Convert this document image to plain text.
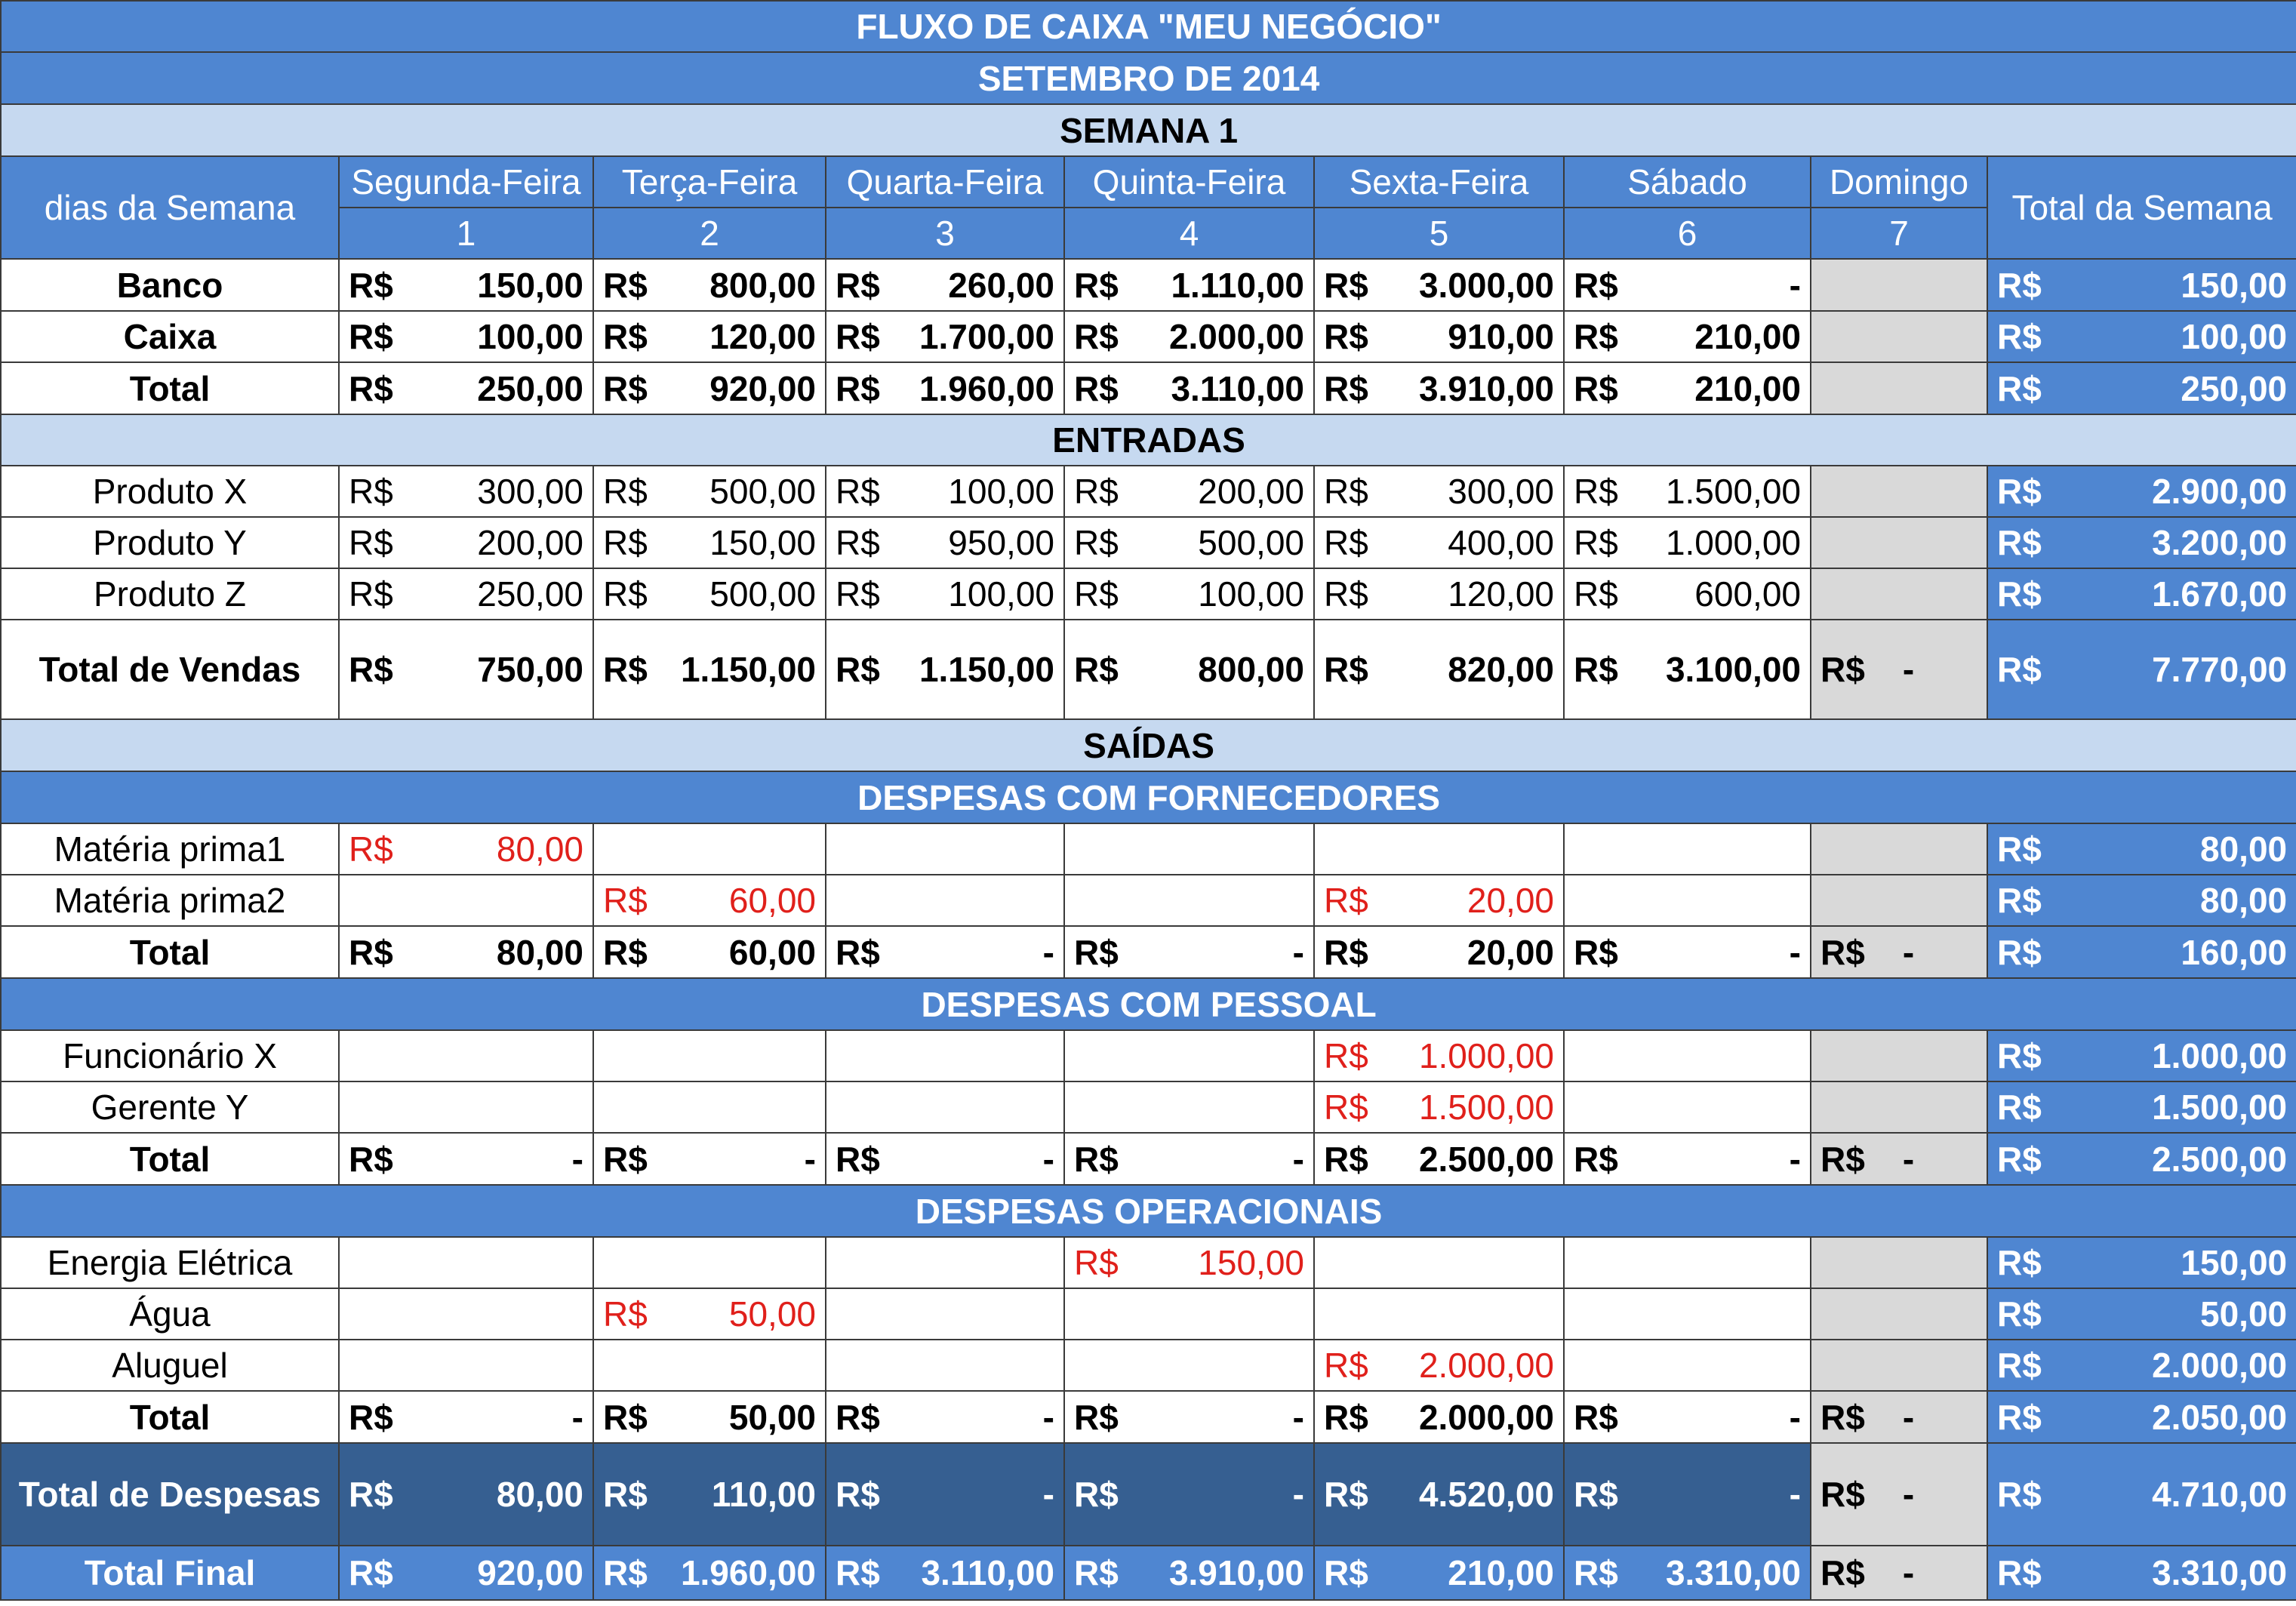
FLUXO DE CAIXA "MEU NEGÓCIO"								
SETEMBRO DE 2014								
SEMANA 1								
dias da Semana	Segunda-Feira	Terça-Feira	Quarta-Feira	Quinta-Feira	Sexta-Feira	Sábado	Domingo	Total da Semana
	1	2	3	4	5	6	7	
Banco	R$ 150,00	R$ 800,00	R$ 260,00	R$ 1.110,00	R$ 3.000,00	R$ -		R$ 150,00

Caixa	R$ 100,00	R$ 120,00	R$ 1.700,00	R$ 2.000,00	R$ 910,00	R$ 210,00		R$ 100,00

Total	R$ 250,00	R$ 920,00	R$ 1.960,00	R$ 3.110,00	R$ 3.910,00	R$ 210,00		R$ 250,00

ENTRADAS								
Produto X	R$ 300,00	R$ 500,00	R$ 100,00	R$ 200,00	R$ 300,00	R$ 1.500,00		R$ 2.900,00

Produto Y	R$ 200,00	R$ 150,00	R$ 950,00	R$ 500,00	R$ 400,00	R$ 1.000,00		R$ 3.200,00

Produto Z	R$ 250,00	R$ 500,00	R$ 100,00	R$ 100,00	R$ 120,00	R$ 600,00		R$ 1.670,00

Total de Vendas	R$ 750,00	R$ 1.150,00	R$ 1.150,00	R$ 800,00	R$ 820,00	R$ 3.100,00	R$ -	R$ 7.770,00

SAÍDAS								
DESPESAS COM FORNECEDORES								
Matéria prima1	R$ 80,00							R$ 80,00

Matéria prima2		R$ 60,00			R$ 20,00			R$ 80,00

Total	R$ 80,00	R$ 60,00	R$ -	R$ -	R$ 20,00	R$ -	R$ -	R$ 160,00

DESPESAS COM PESSOAL								
Funcionário X					R$ 1.000,00			R$ 1.000,00

Gerente Y					R$ 1.500,00			R$ 1.500,00

Total	R$ -	R$ -	R$ -	R$ -	R$ 2.500,00	R$ -	R$ -	R$ 2.500,00

DESPESAS OPERACIONAIS								
Energia Elétrica				R$ 150,00				R$ 150,00

Água		R$ 50,00						R$ 50,00

Aluguel					R$ 2.000,00			R$ 2.000,00

Total	R$ -	R$ 50,00	R$ -	R$ -	R$ 2.000,00	R$ -	R$ -	R$ 2.050,00

Total de Despesas	R$ 80,00	R$ 110,00	R$ -	R$ -	R$ 4.520,00	R$ -	R$ -	R$ 4.710,00

Total Final	R$ 920,00	R$ 1.960,00	R$ 3.110,00	R$ 3.910,00	R$ 210,00	R$ 3.310,00	R$ -	R$ 3.310,00
